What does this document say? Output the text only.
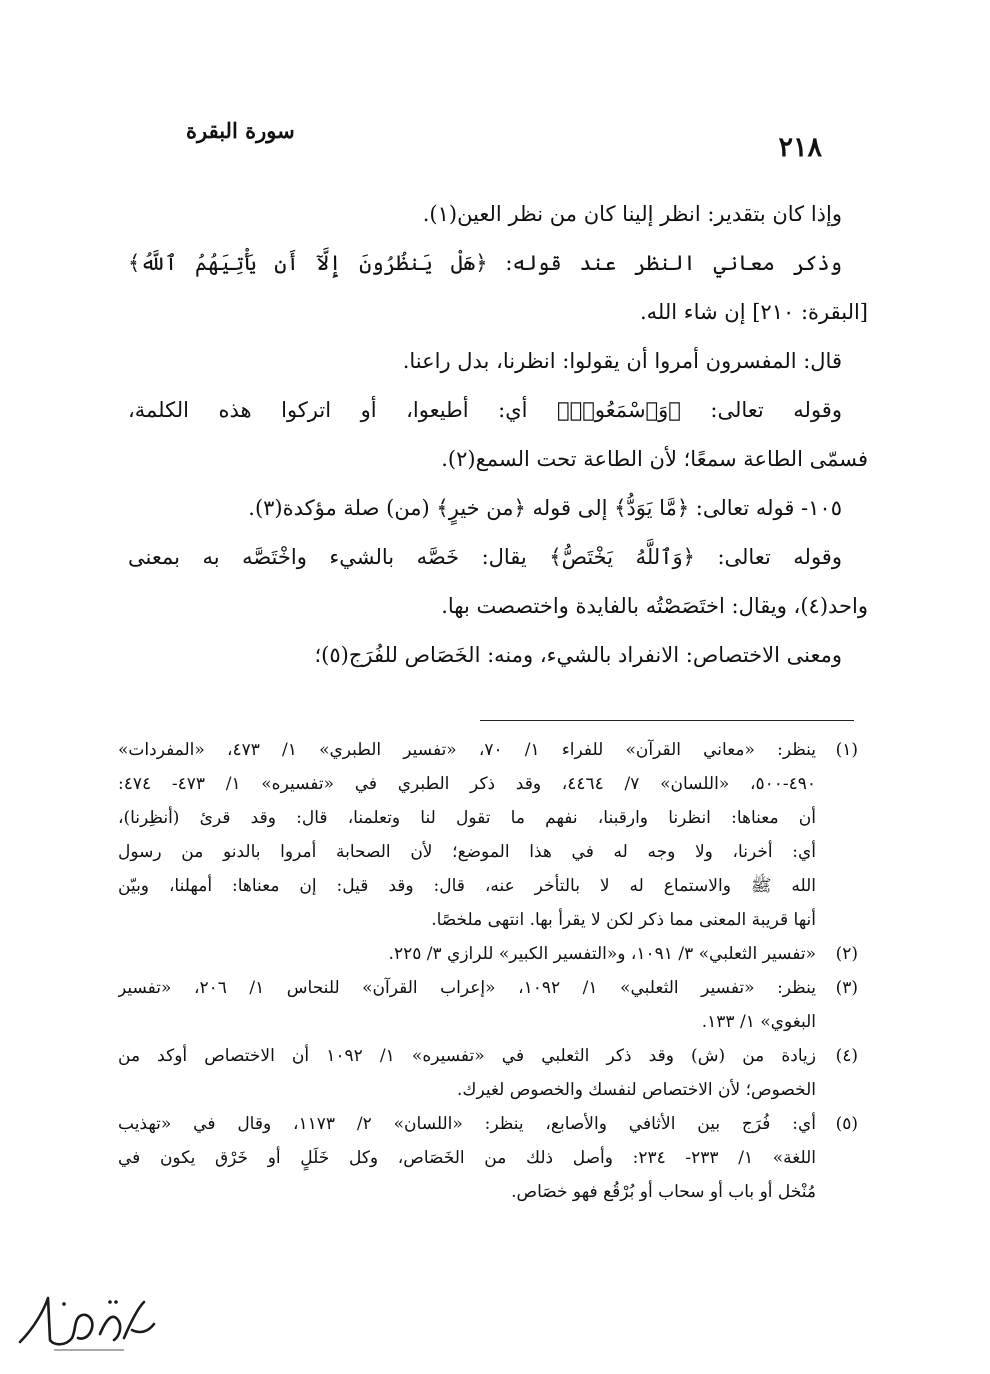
سورة البقرة
٢١٨
وإذا كان بتقدير: انظر إلينا كان من نظر العين(١).
وذكر معاني النظر عند قوله: ﴿هَلْ يَنظُرُونَ إِلَّآ أَن يَأْتِيَهُمُ ٱللَّهُ﴾
[البقرة: ٢١٠] إن شاء الله.
قال: المفسرون أمروا أن يقولوا: انظرنا، بدل راعنا.
وقوله تعالى: ﴿وَٱسْمَعُوا۟﴾ أي: أطيعوا، أو اتركوا هذه الكلمة،
فسمّى الطاعة سمعًا؛ لأن الطاعة تحت السمع(٢).
١٠٥- قوله تعالى: ﴿مَّا يَوَدُّ﴾ إلى قوله ﴿من خيرٍ﴾ (من) صلة مؤكدة(٣).
وقوله تعالى: ﴿وَٱللَّهُ يَخْتَصُّ﴾ يقال: خَصَّه بالشيء واخْتَصَّه به بمعنى
واحد(٤)، ويقال: اختَصَصْتُه بالفايدة واختصصت بها.
ومعنى الاختصاص: الانفراد بالشيء، ومنه: الخَصَاص للفُرَج(٥)؛
(١)
ينظر: «معاني القرآن» للفراء ١/ ٧٠، «تفسير الطبري» ١/ ٤٧٣، «المفردات»
٤٩٠-٥٠٠، «اللسان» ٧/ ٤٤٦٤، وقد ذكر الطبري في «تفسيره» ١/ ٤٧٣- ٤٧٤:
أن معناها: انظرنا وارقبنا، نفهم ما تقول لنا وتعلمنا، قال: وقد قرئ (أنظِرنا)،
أي: أخرنا، ولا وجه له في هذا الموضع؛ لأن الصحابة أمروا بالدنو من رسول
الله ﷺ والاستماع له لا بالتأخر عنه، قال: وقد قيل: إن معناها: أمهلنا، وبيّن
أنها قريبة المعنى مما ذكر لكن لا يقرأ بها. انتهى ملخصًا.
(٢)
«تفسير الثعلبي» ٣/ ١٠٩١، و«التفسير الكبير» للرازي ٣/ ٢٢٥.
(٣)
ينظر: «تفسير الثعلبي» ١/ ١٠٩٢، «إعراب القرآن» للنحاس ١/ ٢٠٦، «تفسير
البغوي» ١/ ١٣٣.
(٤)
زيادة من (ش) وقد ذكر الثعلبي في «تفسيره» ١/ ١٠٩٢ أن الاختصاص أوكد من
الخصوص؛ لأن الاختصاص لنفسك والخصوص لغيرك.
(٥)
أي: فُرَج بين الأثافي والأصابع، ينظر: «اللسان» ٢/ ١١٧٣، وقال في «تهذيب
اللغة» ١/ ٢٣٣- ٢٣٤: وأصل ذلك من الخَصَاص، وكل خَلَلٍ أو خَرْق يكون في
مُنْخل أو باب أو سحاب أو بُرْقُع فهو خصَاص.
